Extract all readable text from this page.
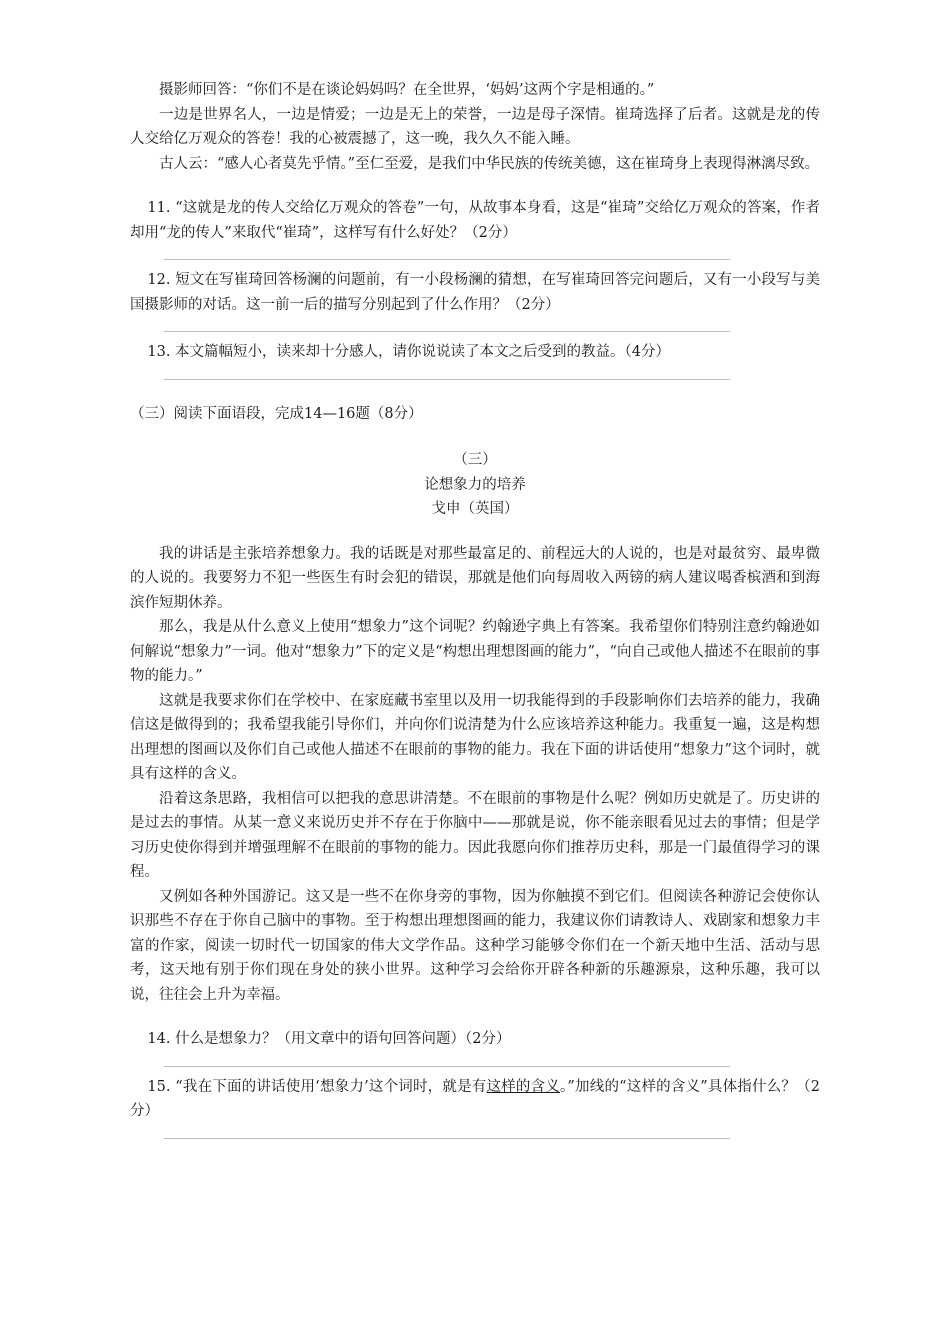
摄影师回答：“你们不是在谈论妈妈吗？在全世界，‘妈妈’这两个字是相通的。”

一边是世界名人，一边是情爱；一边是无上的荣誉，一边是母子深情。崔琦选择了后者。这就是龙的传人交给亿万观众的答卷！我的心被震撼了，这一晚，我久久不能入睡。

古人云：“感人心者莫先乎情。”至仁至爱，是我们中华民族的传统美德，这在崔琦身上表现得淋漓尽致。

11. “这就是龙的传人交给亿万观众的答卷”一句，从故事本身看，这是“崔琦”交给亿万观众的答案，作者却用“龙的传人”来取代“崔琦”，这样写有什么好处？（2分）

12. 短文在写崔琦回答杨澜的问题前，有一小段杨澜的猜想，在写崔琦回答完问题后，又有一小段写与美国摄影师的对话。这一前一后的描写分别起到了什么作用？（2分）

13. 本文篇幅短小，读来却十分感人，请你说说读了本文之后受到的教益。（4分）

（三）阅读下面语段，完成14—16题（8分）

（三）

论想象力的培养

戈申（英国）

我的讲话是主张培养想象力。我的话既是对那些最富足的、前程远大的人说的，也是对最贫穷、最卑微的人说的。我要努力不犯一些医生有时会犯的错误，那就是他们向每周收入两镑的病人建议喝香槟酒和到海滨作短期休养。

那么，我是从什么意义上使用“想象力”这个词呢？约翰逊字典上有答案。我希望你们特别注意约翰逊如何解说“想象力”一词。他对“想象力”下的定义是“构想出理想图画的能力”，“向自己或他人描述不在眼前的事物的能力。”

这就是我要求你们在学校中、在家庭藏书室里以及用一切我能得到的手段影响你们去培养的能力，我确信这是做得到的；我希望我能引导你们，并向你们说清楚为什么应该培养这种能力。我重复一遍，这是构想出理想的图画以及你们自己或他人描述不在眼前的事物的能力。我在下面的讲话使用“想象力”这个词时，就具有这样的含义。

沿着这条思路，我相信可以把我的意思讲清楚。不在眼前的事物是什么呢？例如历史就是了。历史讲的是过去的事情。从某一意义来说历史并不存在于你脑中——那就是说，你不能亲眼看见过去的事情；但是学习历史使你得到并增强理解不在眼前的事物的能力。因此我愿向你们推荐历史科，那是一门最值得学习的课程。

又例如各种外国游记。这又是一些不在你身旁的事物，因为你触摸不到它们。但阅读各种游记会使你认识那些不存在于你自己脑中的事物。至于构想出理想图画的能力，我建议你们请教诗人、戏剧家和想象力丰富的作家，阅读一切时代一切国家的伟大文学作品。这种学习能够令你们在一个新天地中生活、活动与思考，这天地有别于你们现在身处的狭小世界。这种学习会给你开辟各种新的乐趣源泉，这种乐趣，我可以说，往往会上升为幸福。

14. 什么是想象力？（用文章中的语句回答问题）（2分）

15. “我在下面的讲话使用‘想象力’这个词时，就是有这样的含义。”加线的“这样的含义”具体指什么？（2分）
